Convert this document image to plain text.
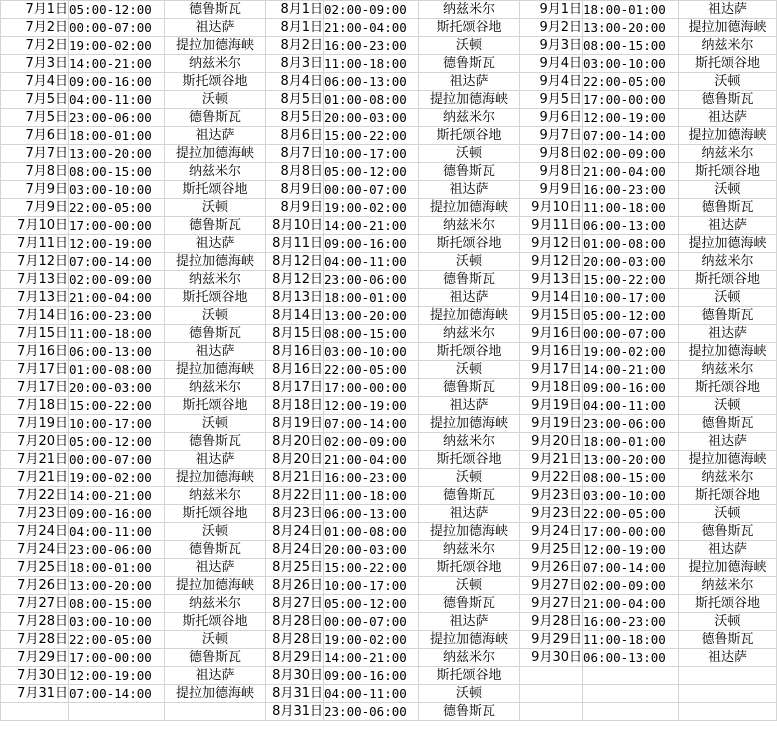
7月1日	05:00-12:00	德鲁斯瓦	8月1日	02:00-09:00	纳兹米尔	9月1日	18:00-01:00	祖达萨
7月2日	00:00-07:00	祖达萨	8月1日	21:00-04:00	斯托颂谷地	9月2日	13:00-20:00	提拉加德海峡
7月2日	19:00-02:00	提拉加德海峡	8月2日	16:00-23:00	沃顿	9月3日	08:00-15:00	纳兹米尔
7月3日	14:00-21:00	纳兹米尔	8月3日	11:00-18:00	德鲁斯瓦	9月4日	03:00-10:00	斯托颂谷地
7月4日	09:00-16:00	斯托颂谷地	8月4日	06:00-13:00	祖达萨	9月4日	22:00-05:00	沃顿
7月5日	04:00-11:00	沃顿	8月5日	01:00-08:00	提拉加德海峡	9月5日	17:00-00:00	德鲁斯瓦
7月5日	23:00-06:00	德鲁斯瓦	8月5日	20:00-03:00	纳兹米尔	9月6日	12:00-19:00	祖达萨
7月6日	18:00-01:00	祖达萨	8月6日	15:00-22:00	斯托颂谷地	9月7日	07:00-14:00	提拉加德海峡
7月7日	13:00-20:00	提拉加德海峡	8月7日	10:00-17:00	沃顿	9月8日	02:00-09:00	纳兹米尔
7月8日	08:00-15:00	纳兹米尔	8月8日	05:00-12:00	德鲁斯瓦	9月8日	21:00-04:00	斯托颂谷地
7月9日	03:00-10:00	斯托颂谷地	8月9日	00:00-07:00	祖达萨	9月9日	16:00-23:00	沃顿
7月9日	22:00-05:00	沃顿	8月9日	19:00-02:00	提拉加德海峡	9月10日	11:00-18:00	德鲁斯瓦
7月10日	17:00-00:00	德鲁斯瓦	8月10日	14:00-21:00	纳兹米尔	9月11日	06:00-13:00	祖达萨
7月11日	12:00-19:00	祖达萨	8月11日	09:00-16:00	斯托颂谷地	9月12日	01:00-08:00	提拉加德海峡
7月12日	07:00-14:00	提拉加德海峡	8月12日	04:00-11:00	沃顿	9月12日	20:00-03:00	纳兹米尔
7月13日	02:00-09:00	纳兹米尔	8月12日	23:00-06:00	德鲁斯瓦	9月13日	15:00-22:00	斯托颂谷地
7月13日	21:00-04:00	斯托颂谷地	8月13日	18:00-01:00	祖达萨	9月14日	10:00-17:00	沃顿
7月14日	16:00-23:00	沃顿	8月14日	13:00-20:00	提拉加德海峡	9月15日	05:00-12:00	德鲁斯瓦
7月15日	11:00-18:00	德鲁斯瓦	8月15日	08:00-15:00	纳兹米尔	9月16日	00:00-07:00	祖达萨
7月16日	06:00-13:00	祖达萨	8月16日	03:00-10:00	斯托颂谷地	9月16日	19:00-02:00	提拉加德海峡
7月17日	01:00-08:00	提拉加德海峡	8月16日	22:00-05:00	沃顿	9月17日	14:00-21:00	纳兹米尔
7月17日	20:00-03:00	纳兹米尔	8月17日	17:00-00:00	德鲁斯瓦	9月18日	09:00-16:00	斯托颂谷地
7月18日	15:00-22:00	斯托颂谷地	8月18日	12:00-19:00	祖达萨	9月19日	04:00-11:00	沃顿
7月19日	10:00-17:00	沃顿	8月19日	07:00-14:00	提拉加德海峡	9月19日	23:00-06:00	德鲁斯瓦
7月20日	05:00-12:00	德鲁斯瓦	8月20日	02:00-09:00	纳兹米尔	9月20日	18:00-01:00	祖达萨
7月21日	00:00-07:00	祖达萨	8月20日	21:00-04:00	斯托颂谷地	9月21日	13:00-20:00	提拉加德海峡
7月21日	19:00-02:00	提拉加德海峡	8月21日	16:00-23:00	沃顿	9月22日	08:00-15:00	纳兹米尔
7月22日	14:00-21:00	纳兹米尔	8月22日	11:00-18:00	德鲁斯瓦	9月23日	03:00-10:00	斯托颂谷地
7月23日	09:00-16:00	斯托颂谷地	8月23日	06:00-13:00	祖达萨	9月23日	22:00-05:00	沃顿
7月24日	04:00-11:00	沃顿	8月24日	01:00-08:00	提拉加德海峡	9月24日	17:00-00:00	德鲁斯瓦
7月24日	23:00-06:00	德鲁斯瓦	8月24日	20:00-03:00	纳兹米尔	9月25日	12:00-19:00	祖达萨
7月25日	18:00-01:00	祖达萨	8月25日	15:00-22:00	斯托颂谷地	9月26日	07:00-14:00	提拉加德海峡
7月26日	13:00-20:00	提拉加德海峡	8月26日	10:00-17:00	沃顿	9月27日	02:00-09:00	纳兹米尔
7月27日	08:00-15:00	纳兹米尔	8月27日	05:00-12:00	德鲁斯瓦	9月27日	21:00-04:00	斯托颂谷地
7月28日	03:00-10:00	斯托颂谷地	8月28日	00:00-07:00	祖达萨	9月28日	16:00-23:00	沃顿
7月28日	22:00-05:00	沃顿	8月28日	19:00-02:00	提拉加德海峡	9月29日	11:00-18:00	德鲁斯瓦
7月29日	17:00-00:00	德鲁斯瓦	8月29日	14:00-21:00	纳兹米尔	9月30日	06:00-13:00	祖达萨
7月30日	12:00-19:00	祖达萨	8月30日	09:00-16:00	斯托颂谷地			
7月31日	07:00-14:00	提拉加德海峡	8月31日	04:00-11:00	沃顿			
			8月31日	23:00-06:00	德鲁斯瓦			
